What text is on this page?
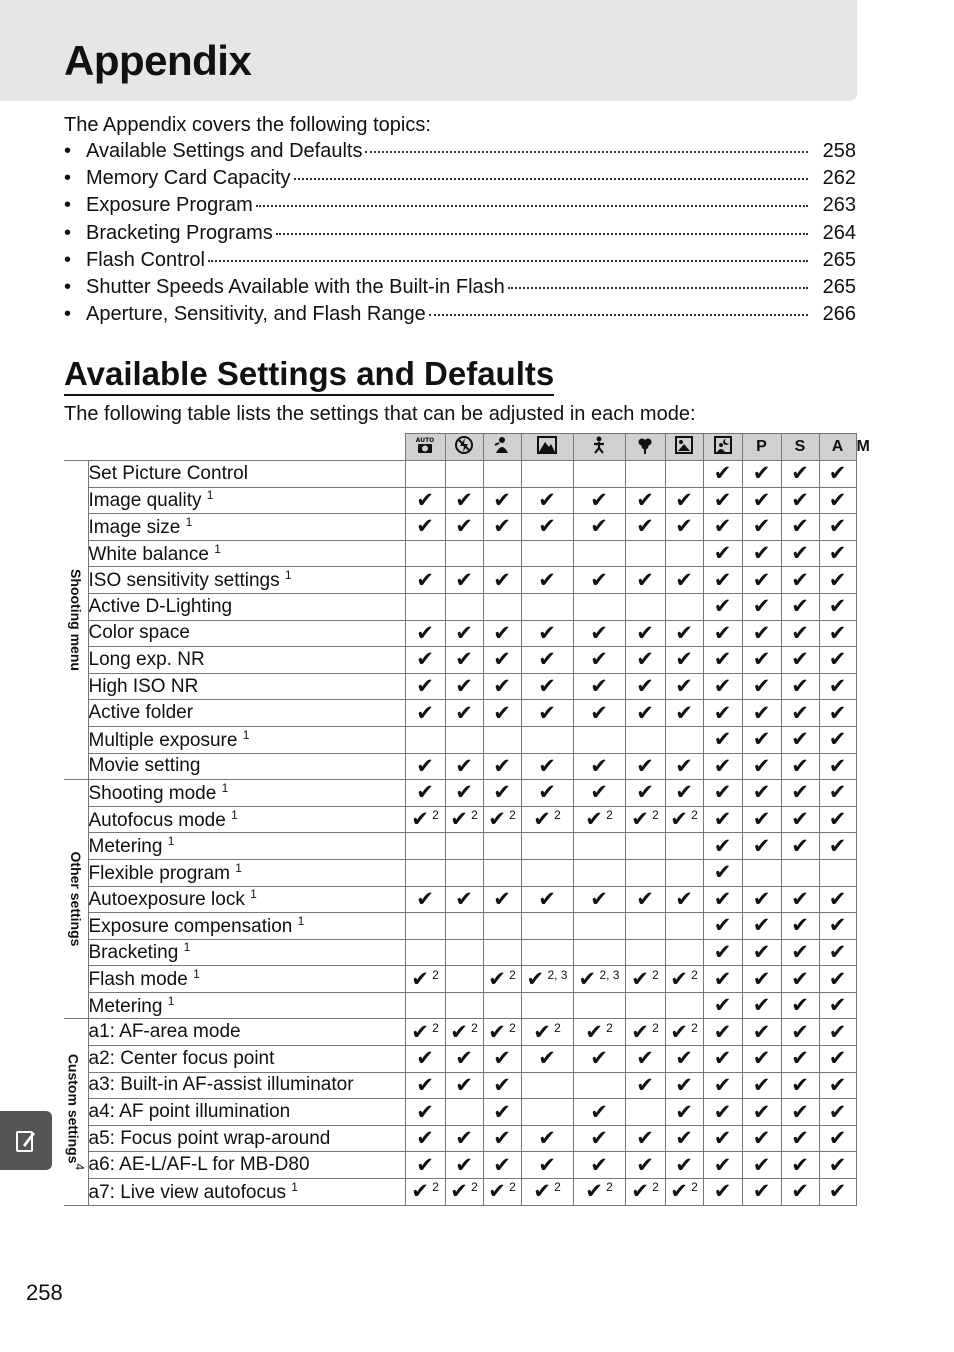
Appendix
The Appendix covers the following topics:
• Available Settings and Defaults	258
• Memory Card Capacity	262
• Exposure Program	263
• Bracketing Programs	264
• Flash Control	265
• Shutter Speeds Available with the Built-in Flash	265
• Aperture, Sensitivity, and Flash Range	266
Available Settings and Defaults
The following table lists the settings that can be adjusted in each mode:

AUTO								P	S	A	M

Shooting menu	Set Picture Control								✔	✔	✔	✔	
	Image quality $^1$	✔	✔	✔	✔	✔	✔	✔	✔	✔	✔	✔	
	Image size $^1$	✔	✔	✔	✔	✔	✔	✔	✔	✔	✔	✔	
	White balance $^1$								✔	✔	✔	✔	
	ISO sensitivity settings $^1$	✔	✔	✔	✔	✔	✔	✔	✔	✔	✔	✔	
	Active D-Lighting								✔	✔	✔	✔	
	Color space	✔	✔	✔	✔	✔	✔	✔	✔	✔	✔	✔	
	Long exp. NR	✔	✔	✔	✔	✔	✔	✔	✔	✔	✔	✔	
	High ISO NR	✔	✔	✔	✔	✔	✔	✔	✔	✔	✔	✔	
	Active folder	✔	✔	✔	✔	✔	✔	✔	✔	✔	✔	✔	
	Multiple exposure $^1$								✔	✔	✔	✔	
	Movie setting	✔	✔	✔	✔	✔	✔	✔	✔	✔	✔	✔	

Other settings	Shooting mode $^1$	✔	✔	✔	✔	✔	✔	✔	✔	✔	✔	✔	
	Autofocus mode $^1$	✔ $^2$	✔ $^2$	✔ $^2$	✔ $^2$	✔ $^2$	✔ $^2$	✔ $^2$	✔	✔	✔	✔	
	Metering $^1$								✔	✔	✔	✔	
	Flexible program $^1$								✔				
	Autoexposure lock $^1$	✔	✔	✔	✔	✔	✔	✔	✔	✔	✔	✔	
	Exposure compensation $^1$								✔	✔	✔	✔	
	Bracketing $^1$								✔	✔	✔	✔	
	Flash mode $^1$	✔ $^2$		✔ $^2$	✔ $^{2, 3}$	✔ $^{2, 3}$	✔ $^2$	✔ $^2$	✔	✔	✔	✔	
	Metering $^1$								✔	✔	✔	✔	

Custom settings$^4$	a1: AF-area mode	✔ $^2$	✔ $^2$	✔ $^2$	✔ $^2$	✔ $^2$	✔ $^2$	✔ $^2$	✔	✔	✔	✔	
	a2: Center focus point	✔	✔	✔	✔	✔	✔	✔	✔	✔	✔	✔	
	a3: Built-in AF-assist illuminator	✔	✔	✔			✔	✔	✔	✔	✔	✔	
	a4: AF point illumination	✔		✔		✔		✔	✔	✔	✔	✔	
	a5: Focus point wrap-around	✔	✔	✔	✔	✔	✔	✔	✔	✔	✔	✔	
	a6: AE-L/AF-L for MB-D80	✔	✔	✔	✔	✔	✔	✔	✔	✔	✔	✔	
	a7: Live view autofocus $^1$	✔ $^2$	✔ $^2$	✔ $^2$	✔ $^2$	✔ $^2$	✔ $^2$	✔ $^2$	✔	✔	✔	✔	
258
